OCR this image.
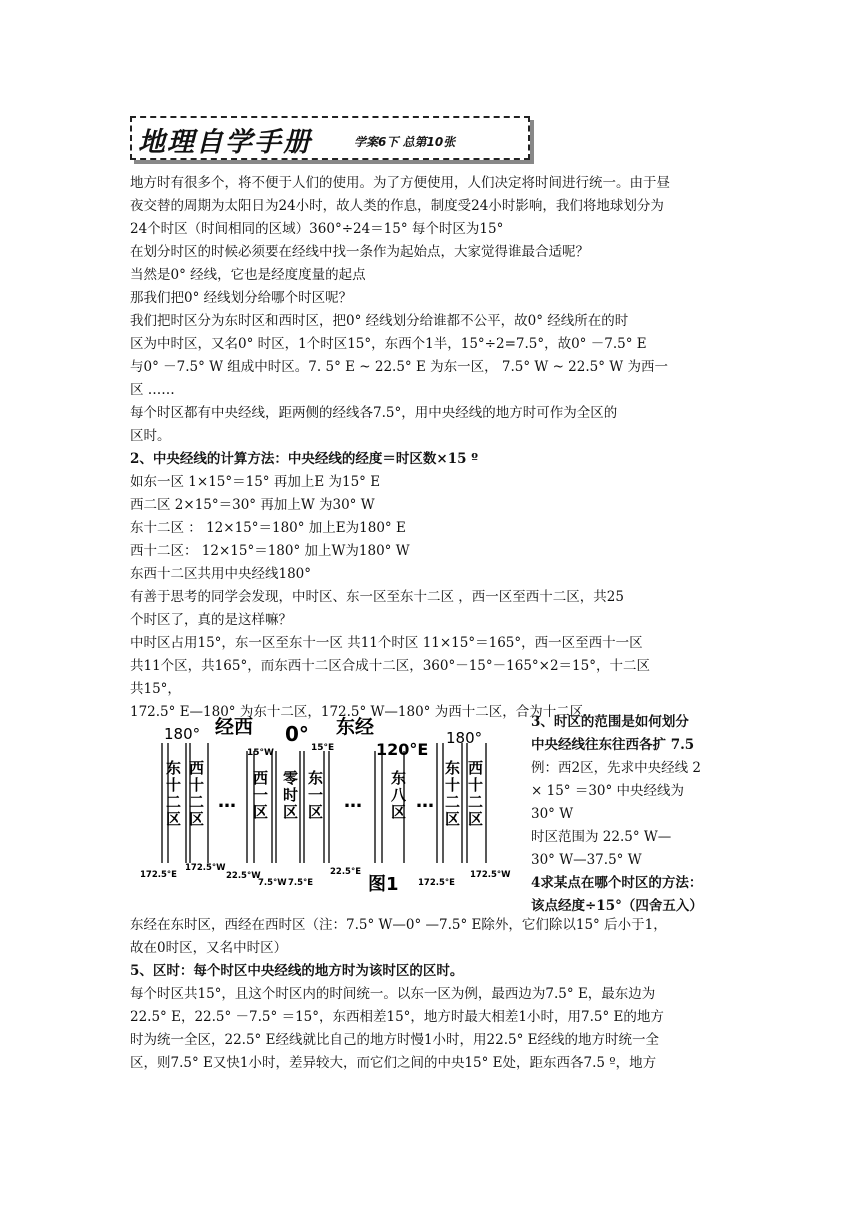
地理自学手册	学案6下 总第10张
地方时有很多个，将不便于人们的使用。为了方便使用，人们决定将时间进行统一。由于昼
夜交替的周期为太阳日为24小时，故人类的作息，制度受24小时影响，我们将地球划分为
24个时区（时间相同的区域）360°÷24＝15° 每个时区为15°
在划分时区的时候必须要在经线中找一条作为起始点，大家觉得谁最合适呢？
当然是0° 经线，它也是经度度量的起点
那我们把0° 经线划分给哪个时区呢？
我们把时区分为东时区和西时区，把0° 经线划分给谁都不公平，故0° 经线所在的时
区为中时区，又名0° 时区，1个时区15°，东西个1半，15°÷2=7.5°，故0° －7.5° E
与0° －7.5° W 组成中时区。7. 5° E ~ 22.5° E 为东一区， 7.5° W ~ 22.5° W 为西一
区 ……
每个时区都有中央经线，距两侧的经线各7.5°，用中央经线的地方时可作为全区的
区时。
2、中央经线的计算方法：中央经线的经度＝时区数×15 º
如东一区 1×15°＝15° 再加上E 为15° E
西二区 2×15°＝30° 再加上W 为30° W
东十二区 ： 12×15°＝180° 加上E为180° E
西十二区： 12×15°＝180° 加上W为180° W
东西十二区共用中央经线180°
有善于思考的同学会发现，中时区、东一区至东十二区 ，西一区至西十二区，共25
个时区了，真的是这样嘛？
中时区占用15°，东一区至东十一区 共11个时区 11×15°＝165°，西一区至西十一区
共11个区，共165°，而东西十二区合成十二区，360°－15°－165°×2＝15°，十二区
共15°，
172.5° E—180° 为东十二区，172.5° W—180° 为西十二区，合为十二区.
3、时区的范围是如何划分
中央经线往东往西各扩 7.5
例：西2区，先求中央经线 2
× 15° ＝30° 中央经线为
30° W
时区范围为 22.5° W—
30° W—37.5° W
4求某点在哪个时区的方法：
该点经度÷15°（四舍五入）
东经在东时区，西经在西时区（注：7.5° W—0° —7.5° E除外，它们除以15° 后小于1，
故在0时区，又名中时区）
5、区时：每个时区中央经线的地方时为该时区的区时。
每个时区共15°，且这个时区内的时间统一。以东一区为例，最西边为7.5° E，最东边为
22.5° E，22.5° －7.5° ＝15°，东西相差15°，地方时最大相差1小时，用7.5° E的地方
时为统一全区，22.5° E经线就比自己的地方时慢1小时，用22.5° E经线的地方时统一全
区，则7.5° E又快1小时，差异较大，而它们之间的中央15° E处，距东西各7.5 º，地方
180° 经西 0° 东经
120°E
180°
15°W	15°E
东
十
二
区
西
十
二
区
西
一
区
零
时
区
东
一
区
东
八
区
东
十
二
区
西
十
二
区
…	…	…
172.5°E
172.5°W
22.5°W
7.5°W 7.5°E
22.5°E
172.5°E
172.5°W
图1
